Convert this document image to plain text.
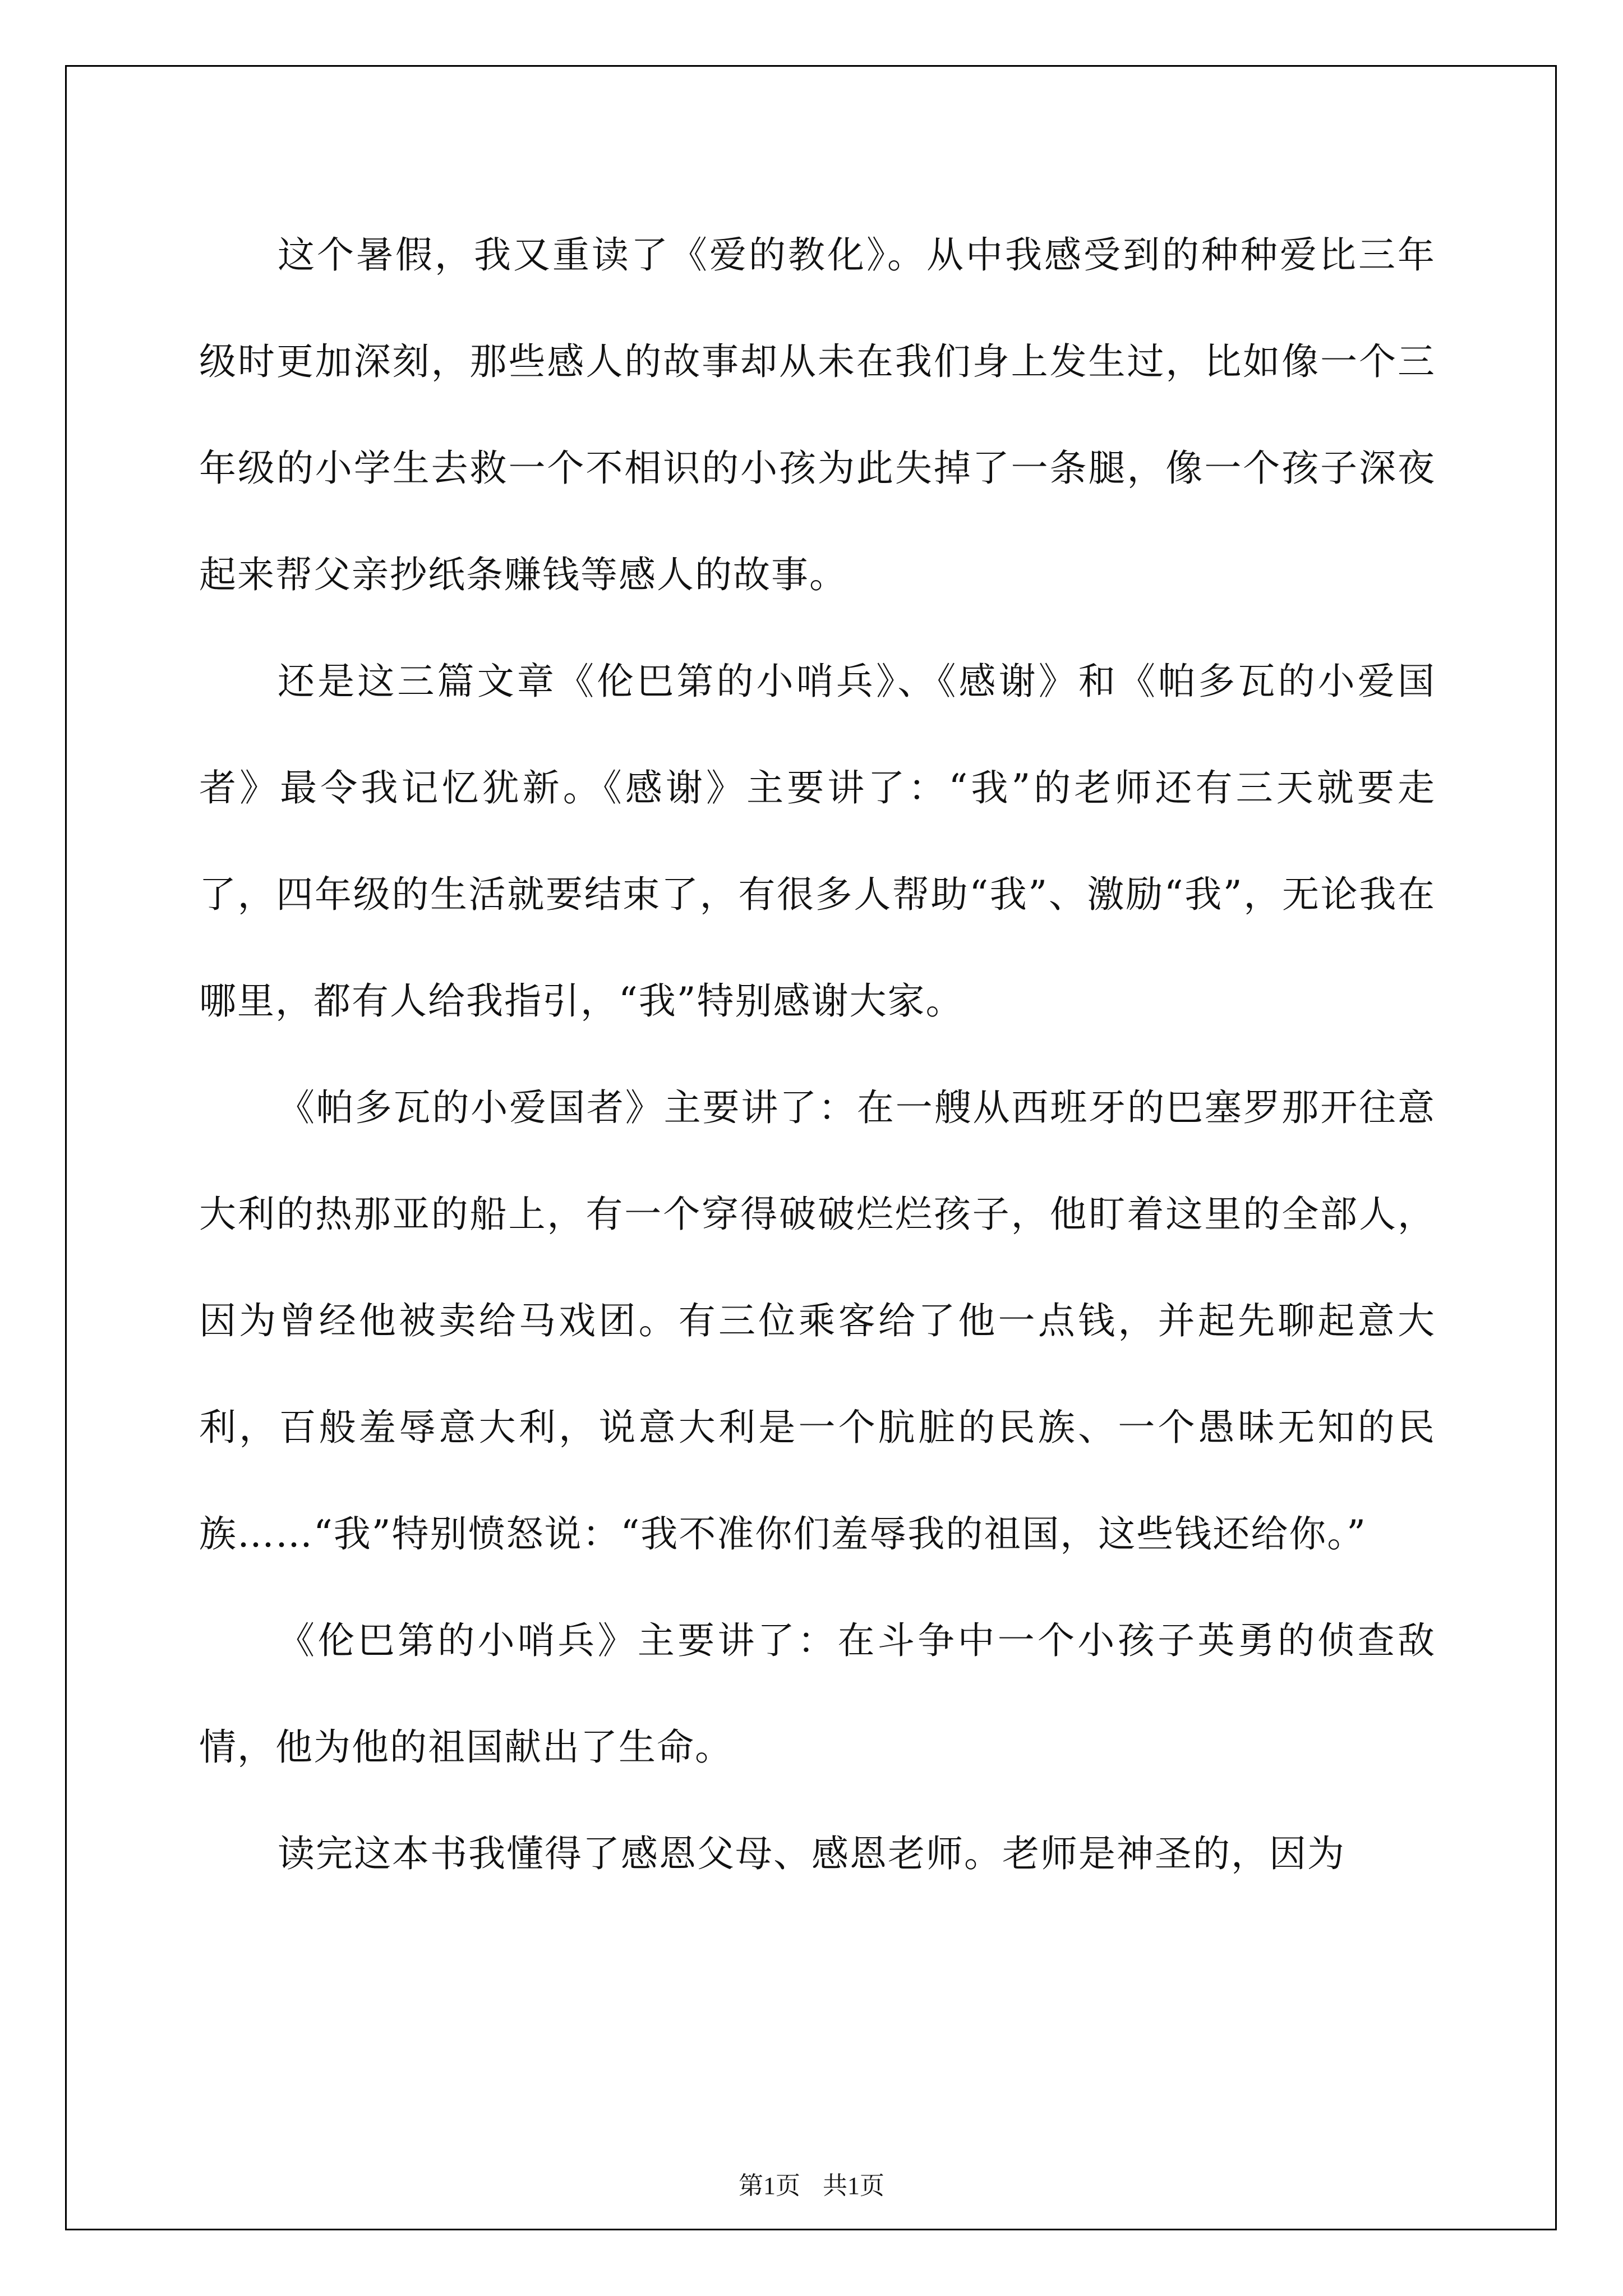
这个暑假，我又重读了《爱的教化》。从中我感受到的种种爱比三年级时更加深刻，那些感人的故事却从未在我们身上发生过，比如像一个三年级的小学生去救一个不相识的小孩为此失掉了一条腿，像一个孩子深夜起来帮父亲抄纸条赚钱等感人的故事。

还是这三篇文章《伦巴第的小哨兵》、《感谢》和《帕多瓦的小爱国者》最令我记忆犹新。《感谢》主要讲了：“我”的老师还有三天就要走了，四年级的生活就要结束了，有很多人帮助“我”、激励“我”，无论我在哪里，都有人给我指引，“我”特别感谢大家。

《帕多瓦的小爱国者》主要讲了：在一艘从西班牙的巴塞罗那开往意大利的热那亚的船上，有一个穿得破破烂烂孩子，他盯着这里的全部人，因为曾经他被卖给马戏团。有三位乘客给了他一点钱，并起先聊起意大利，百般羞辱意大利，说意大利是一个肮脏的民族、一个愚昧无知的民族……“我”特别愤怒说：“我不准你们羞辱我的祖国，这些钱还给你。”

《伦巴第的小哨兵》主要讲了：在斗争中一个小孩子英勇的侦查敌情，他为他的祖国献出了生命。

读完这本书我懂得了感恩父母、感恩老师。老师是神圣的，因为

第1页 共1页
